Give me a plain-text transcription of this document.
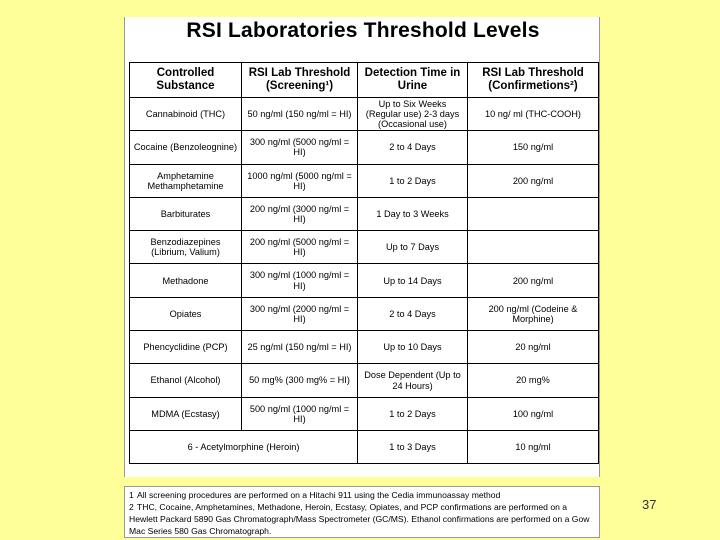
RSI Laboratories Threshold Levels
Controlled Substance	RSI Lab Threshold (Screening¹)	Detection Time in Urine	RSI Lab Threshold (Confirmetions²)
Cannabinoid (THC)	50 ng/ml (150 ng/ml = HI)	Up to Six Weeks (Regular use) 2-3 days (Occasional use)	10 ng/ ml (THC-COOH)
Cocaine (Benzoleognine)	300 ng/ml (5000 ng/ml = HI)	2 to 4 Days	150 ng/ml
Amphetamine Methamphetamine	1000 ng/ml (5000 ng/ml = HI)	1 to 2 Days	200 ng/ml
Barbiturates	200 ng/ml (3000 ng/ml = HI)	1 Day to 3 Weeks	
Benzodiazepines (Librium, Valium)	200 ng/ml (5000 ng/ml = HI)	Up to 7 Days	
Methadone	300 ng/ml (1000 ng/ml = HI)	Up to 14 Days	200 ng/ml
Opiates	300 ng/ml (2000 ng/ml = HI)	2 to 4 Days	200 ng/ml (Codeine & Morphine)
Phencyclidine (PCP)	25 ng/ml (150 ng/ml = HI)	Up to 10 Days	20 ng/ml
Ethanol (Alcohol)	50 mg% (300 mg% = HI)	Dose Dependent (Up to 24 Hours)	20 mg%
MDMA (Ecstasy)	500 ng/ml (1000 ng/ml = HI)	1 to 2 Days	100 ng/ml
6 - Acetylmorphine (Heroin)		1 to 3 Days	10 ng/ml
1 All screening procedures are performed on a Hitachi 911 using the Cedia immunoassay method
2 THC, Cocaine, Amphetamines, Methadone, Heroin, Ecstasy, Opiates, and PCP confirmations are performed on a Hewlett Packard 5890 Gas Chromatograph/Mass Spectrometer (GC/MS). Ethanol confirmations are performed on a Gow Mac Series 580 Gas Chromatograph.
37
